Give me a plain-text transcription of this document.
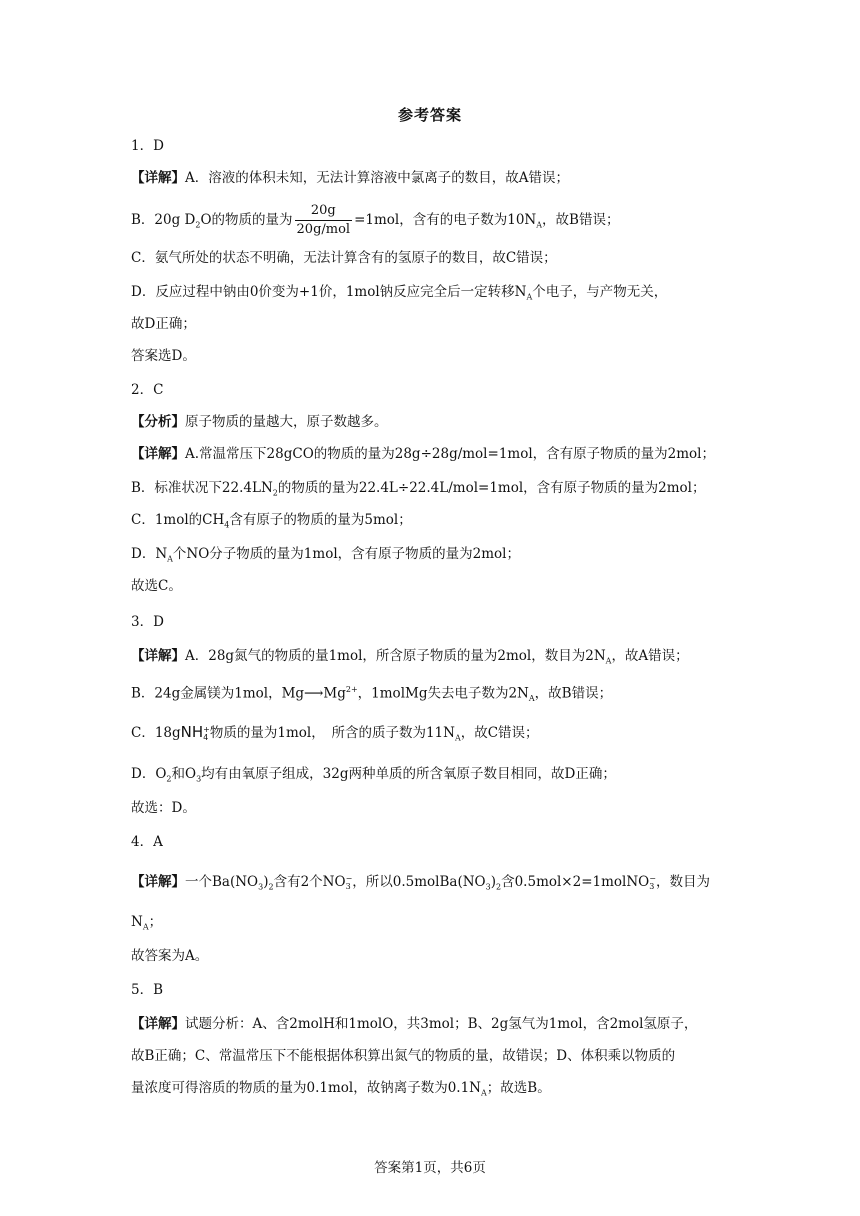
参考答案
1．D
【详解】A．溶液的体积未知，无法计算溶液中氯离子的数目，故A错误；
B．20g $D_2O$的物质的量为 $\frac{20g}{\text{20g/mol}} =1mol$，含有的电子数为$10N_A$，故B错误；
C．氨气所处的状态不明确，无法计算含有的氢原子的数目，故C错误；
D．反应过程中钠由0价变为+1价，1mol钠反应完全后一定转移$N_A$个电子，与产物无关，
故D正确；
答案选D。
2．C
【分析】原子物质的量越大，原子数越多。
【详解】A.常温常压下28gCO的物质的量为28g÷28g/mol=1mol，含有原子物质的量为2mol；
B．标准状况下$22.4LN_2$的物质的量为22.4L÷22.4L/mol=1mol，含有原子物质的量为2mol；
C．1mol的$CH_4$含有原子的物质的量为5mol；
D．$N_A$个NO分子物质的量为1mol，含有原子物质的量为2mol；
故选C。
3．D
【详解】A．28g氮气的物质的量1mol，所含原子物质的量为2mol，数目为$2N_A$，故A错误；
B．24g金属镁为1mol，$Mg⟶Mg^{2+}$，1molMg失去电子数为$2N_A$，故B错误；
C．18gNH +
4 物质的量为1mol，　所含的质子数为$11N_A$，故C错误；
D．$O_2$和$O_3$均有由氧原子组成，32g两种单质的所含氧原子数目相同，故D正确；
故选：D。
4．A
【详解】一个$Ba(NO_3)_2$含有2个NO −
3 ，所以$0.5molBa(NO_3)_2$含0.5mol×2=1molNO −
3 ，数目为
$N_A$；
故答案为A。
5．B
【详解】试题分析：A、含2molH和1molO，共3mol；B、2g氢气为1mol，含2mol氢原子，
故B正确；C、常温常压下不能根据体积算出氮气的物质的量，故错误；D、体积乘以物质的
量浓度可得溶质的物质的量为0.1mol，故钠离子数为$0.1N_A$；故选B。
答案第1页，共6页
